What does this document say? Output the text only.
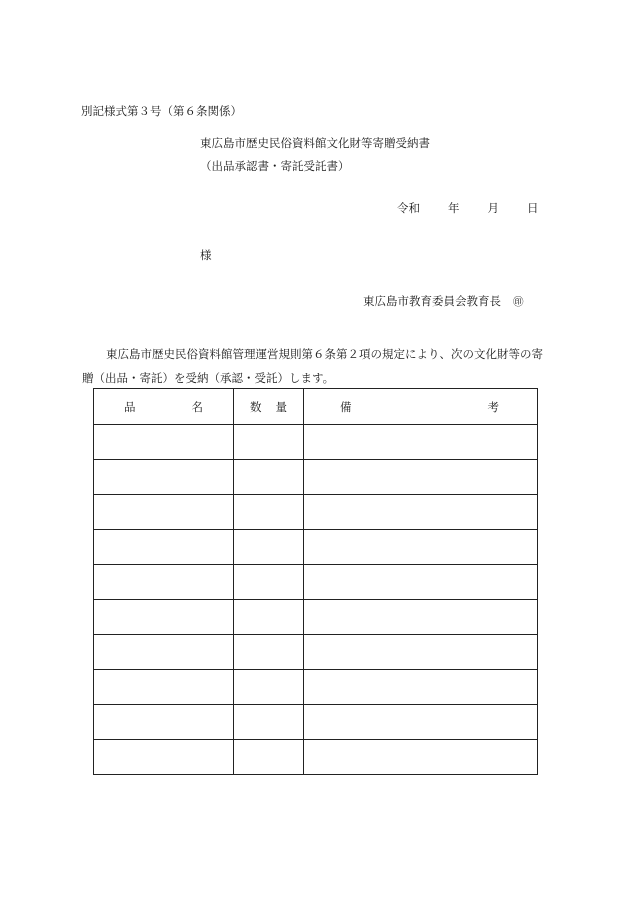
別記様式第３号（第６条関係）
東広島市歴史民俗資料館文化財等寄贈受納書
（出品承認書・寄託受託書）
令和 年 月 日
様
東広島市教育委員会教育長 ㊞
東広島市歴史民俗資料館管理運営規則第６条第２項の規定により、次の文化財等の寄贈（出品・寄託）を受納（承認・受託）します。
品 名	数 量	備 考
